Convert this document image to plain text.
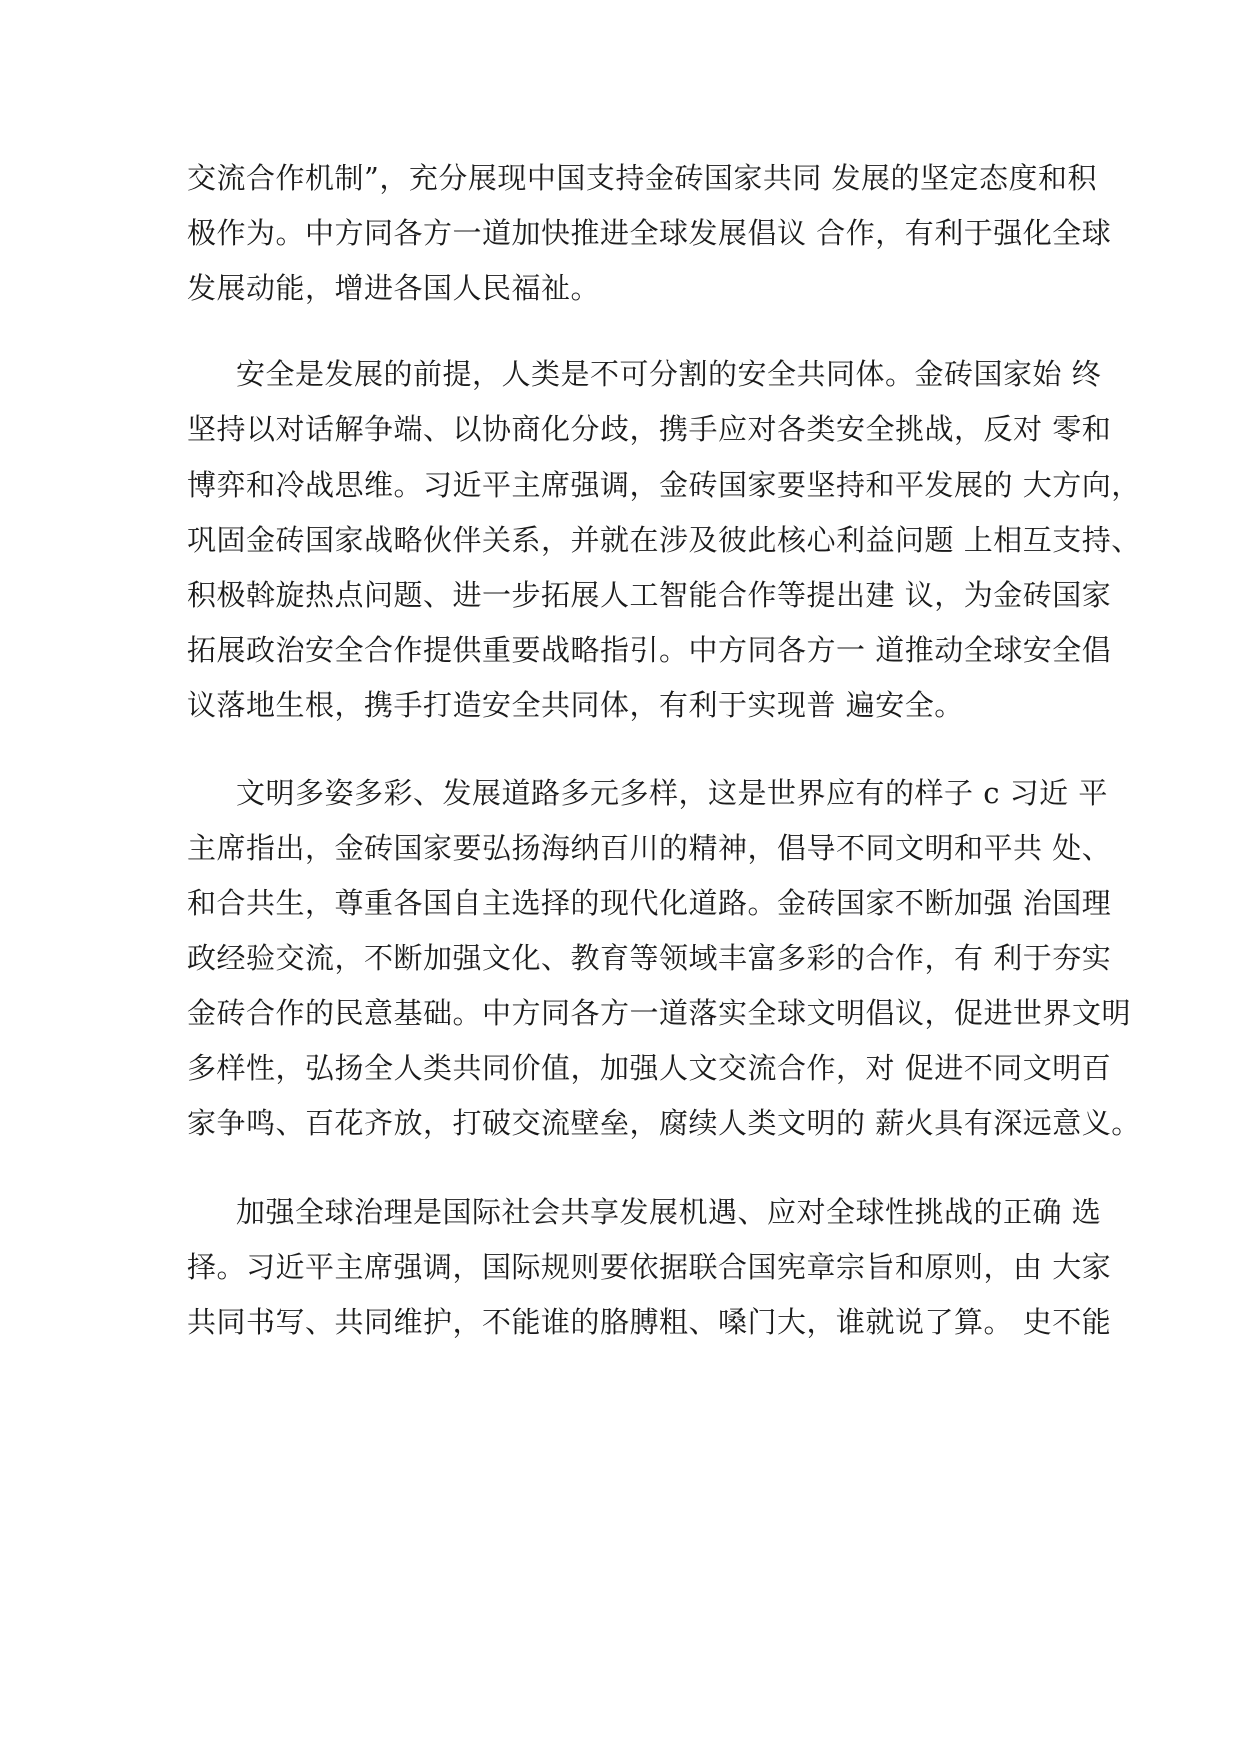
交流合作机制”，充分展现中国支持金砖国家共同 发展的坚定态度和积
极作为。中方同各方一道加快推进全球发展倡议 合作，有利于强化全球
发展动能，增进各国人民福祉。
安全是发展的前提，人类是不可分割的安全共同体。金砖国家始 终
坚持以对话解争端、以协商化分歧，携手应对各类安全挑战，反对 零和
博弈和冷战思维。习近平主席强调，金砖国家要坚持和平发展的 大方向，
巩固金砖国家战略伙伴关系，并就在涉及彼此核心利益问题 上相互支持、
积极斡旋热点问题、进一步拓展人工智能合作等提出建 议，为金砖国家
拓展政治安全合作提供重要战略指引。中方同各方一 道推动全球安全倡
议落地生根，携手打造安全共同体，有利于实现普 遍安全。
文明多姿多彩、发展道路多元多样，这是世界应有的样子 c 习近 平
主席指出，金砖国家要弘扬海纳百川的精神，倡导不同文明和平共 处、
和合共生，尊重各国自主选择的现代化道路。金砖国家不断加强 治国理
政经验交流，不断加强文化、教育等领域丰富多彩的合作，有 利于夯实
金砖合作的民意基础。中方同各方一道落实全球文明倡议，促进世界文明
多样性，弘扬全人类共同价值，加强人文交流合作，对 促进不同文明百
家争鸣、百花齐放，打破交流壁垒，腐续人类文明的 薪火具有深远意义。
加强全球治理是国际社会共享发展机遇、应对全球性挑战的正确 选
择。习近平主席强调，国际规则要依据联合国宪章宗旨和原则，由 大家
共同书写、共同维护，不能谁的胳膊粗、嗓门大，谁就说了算。 史不能
